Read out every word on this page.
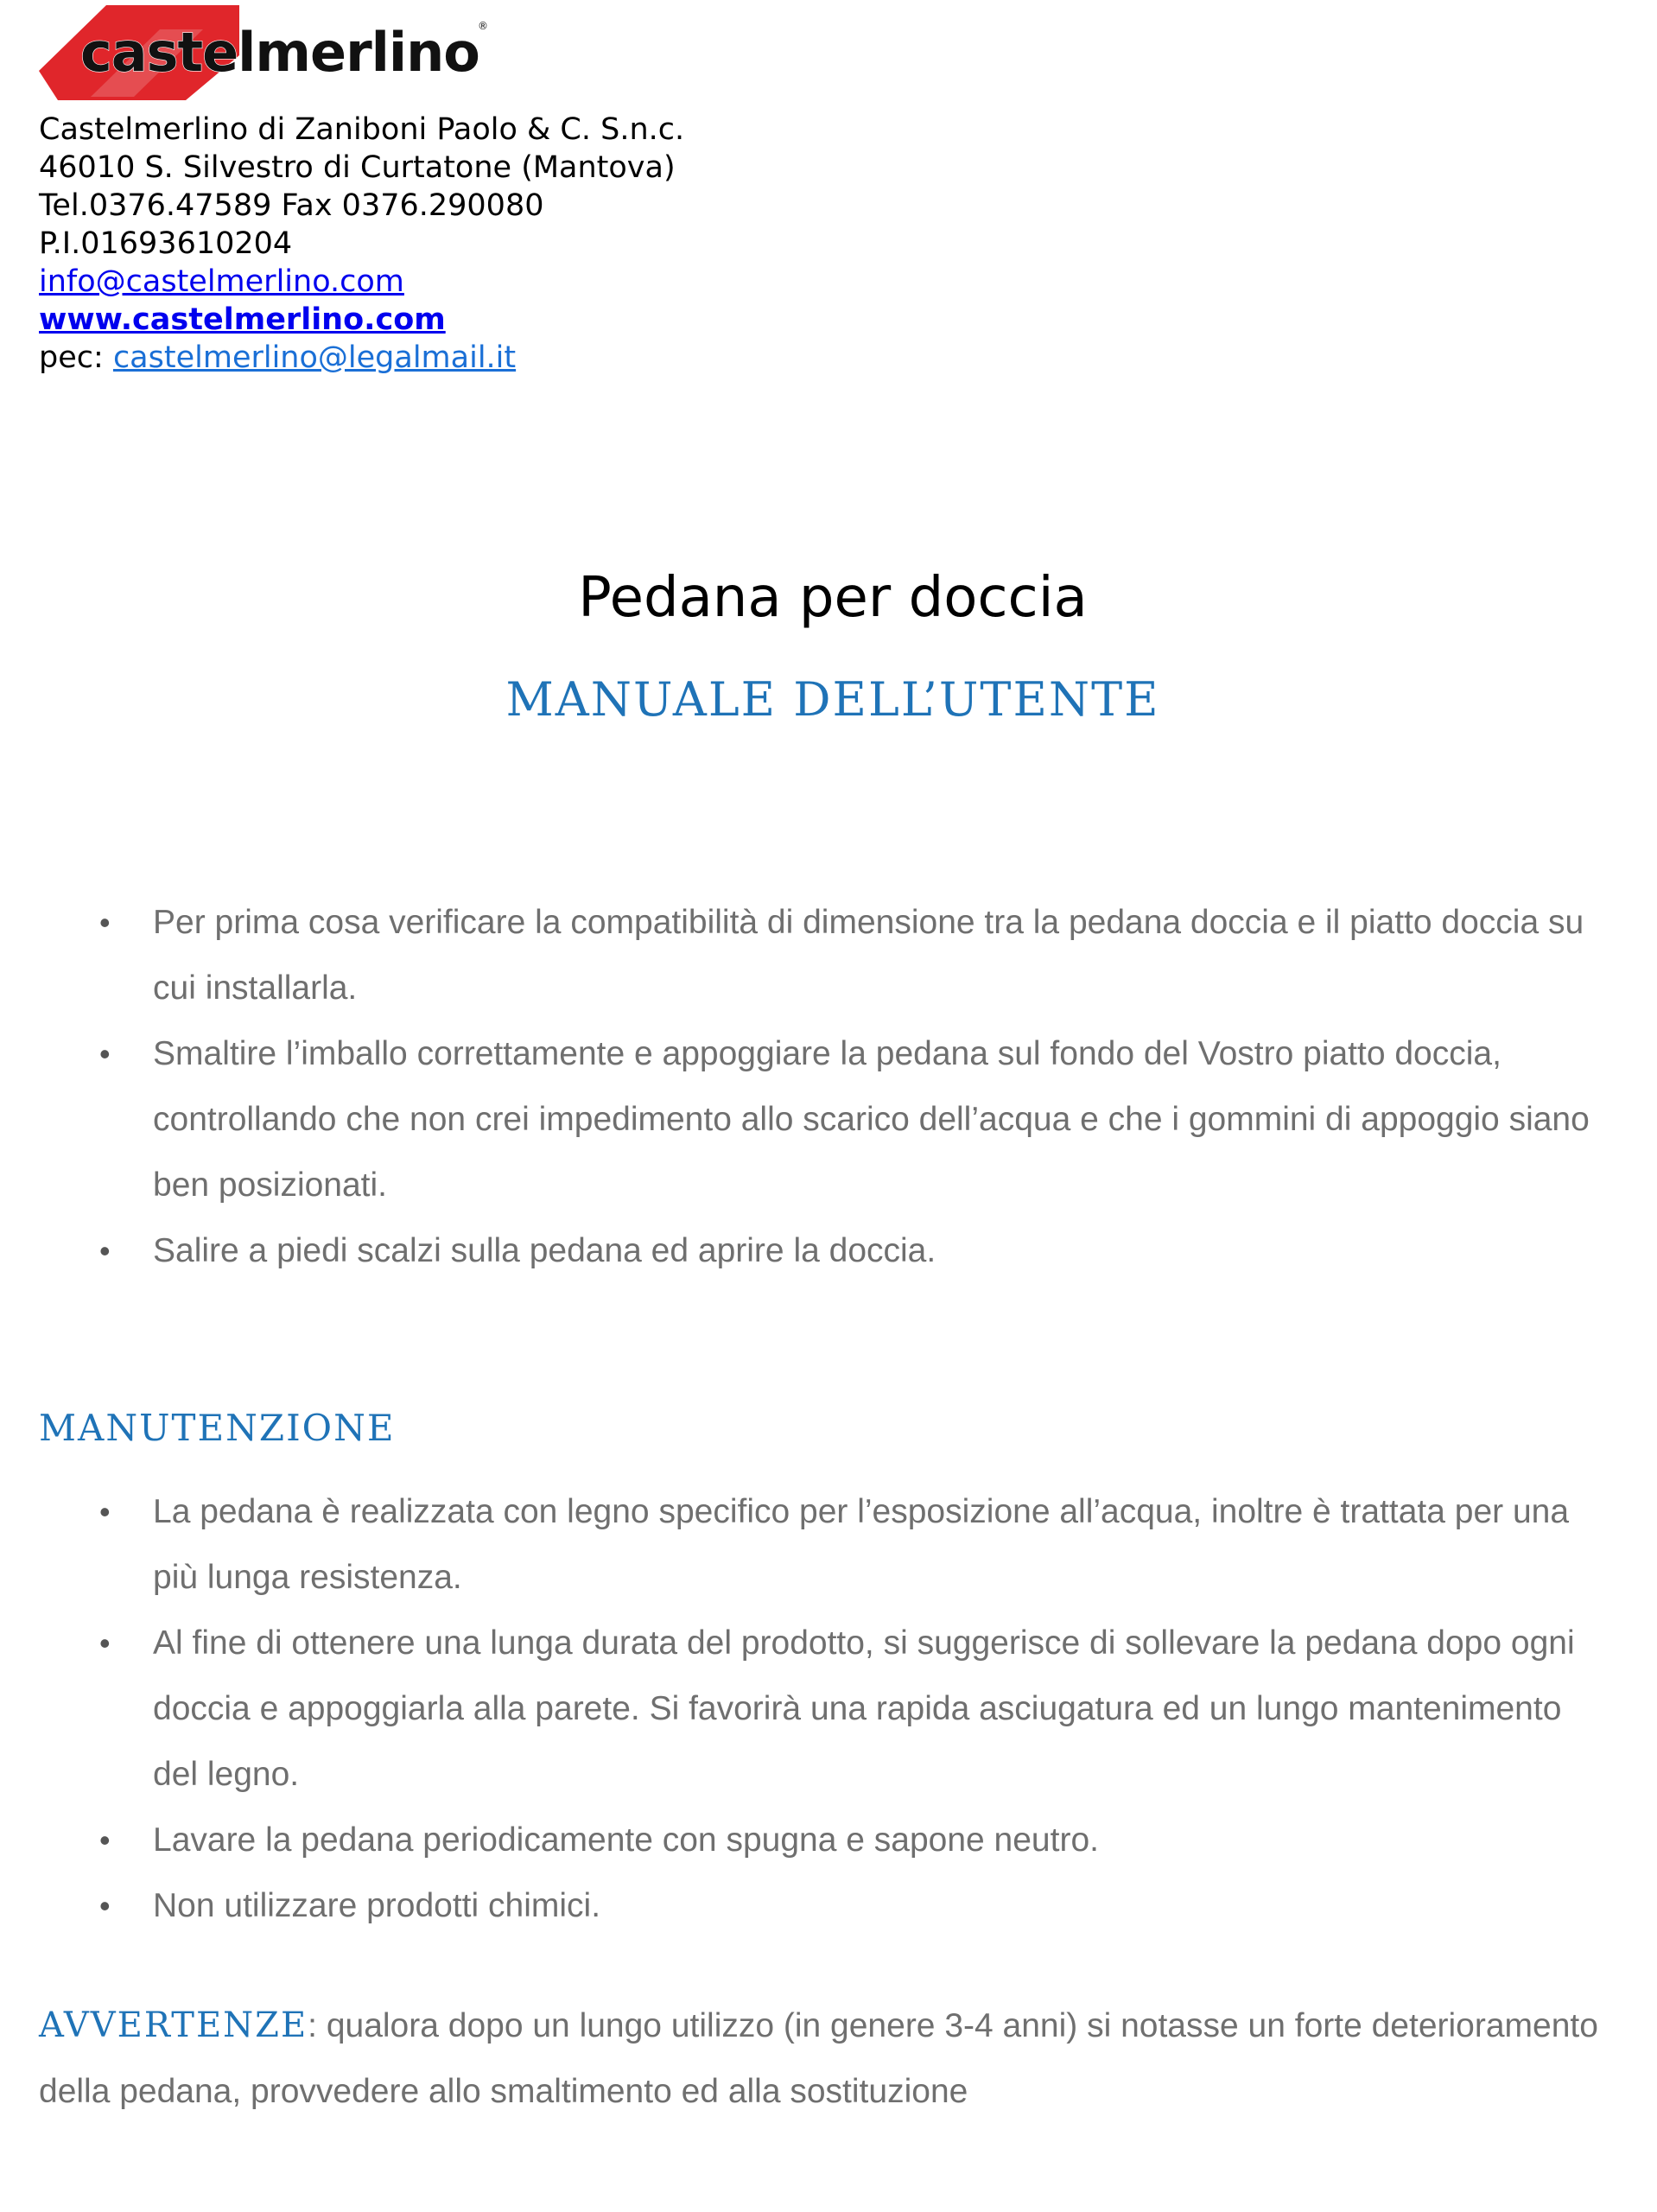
castelmerlino
®
Castelmerlino di Zaniboni Paolo & C. S.n.c.
46010 S. Silvestro di Curtatone (Mantova)
Tel.0376.47589 Fax 0376.290080
P.I.01693610204
info@castelmerlino.com
www.castelmerlino.com
pec: castelmerlino@legalmail.it
Pedana per doccia
MANUALE DELL’UTENTE
• Per prima cosa verificare la compatibilità di dimensione tra la pedana doccia e il piatto doccia su cui installarla.
• Smaltire l’imballo correttamente e appoggiare la pedana sul fondo del Vostro piatto doccia, controllando che non crei impedimento allo scarico dell’acqua e che i gommini di appoggio siano ben posizionati.
• Salire a piedi scalzi sulla pedana ed aprire la doccia.
MANUTENZIONE
• La pedana è realizzata con legno specifico per l’esposizione all’acqua, inoltre è trattata per una più lunga resistenza.
• Al fine di ottenere una lunga durata del prodotto, si suggerisce di sollevare la pedana dopo ogni doccia e appoggiarla alla parete. Si favorirà una rapida asciugatura ed un lungo mantenimento del legno.
• Lavare la pedana periodicamente con spugna e sapone neutro.
• Non utilizzare prodotti chimici.
AVVERTENZE: qualora dopo un lungo utilizzo (in genere 3-4 anni) si notasse un forte deterioramento della pedana, provvedere allo smaltimento ed alla sostituzione
